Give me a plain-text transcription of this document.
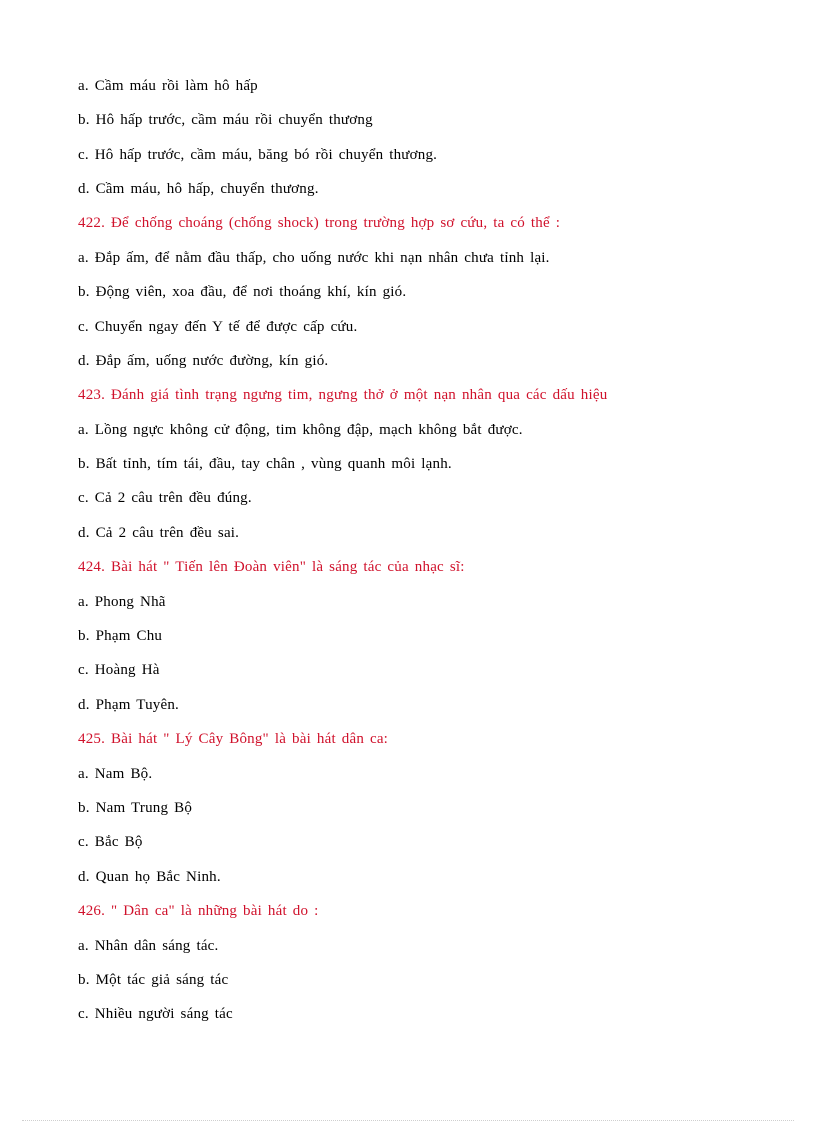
a. Cầm máu rồi làm hô hấp
b. Hô hấp trước, cầm máu rồi chuyển thương
c. Hô hấp trước, cầm máu, băng bó rồi chuyển thương.
d. Cầm máu, hô hấp, chuyển thương.
422. Để chống choáng (chống shock) trong trường hợp sơ cứu, ta có thể :
a. Đắp ấm, để nằm đầu thấp, cho uống nước khi nạn nhân chưa tỉnh lại.
b. Động viên, xoa đầu, để nơi thoáng khí, kín gió.
c. Chuyển ngay đến Y tế để được cấp cứu.
d. Đắp ấm, uống nước đường, kín gió.
423. Đánh giá tình trạng ngưng tim, ngưng thở ở một nạn nhân qua các dấu hiệu
a. Lồng ngực không cử động, tim không đập, mạch không bắt được.
b. Bất tỉnh, tím tái, đầu, tay chân , vùng quanh môi lạnh.
c. Cả 2 câu trên đều đúng.
d. Cả 2 câu trên đều sai.
424. Bài hát " Tiến lên Đoàn viên" là sáng tác của nhạc sĩ:
a. Phong Nhã
b. Phạm Chu
c. Hoàng Hà
d. Phạm Tuyên.
425. Bài hát " Lý Cây Bông" là bài hát dân ca:
a. Nam Bộ.
b. Nam Trung Bộ
c. Bắc Bộ
d. Quan họ Bắc Ninh.
426. " Dân ca" là những bài hát do :
a. Nhân dân sáng tác.
b. Một tác giả sáng tác
c. Nhiều người sáng tác
